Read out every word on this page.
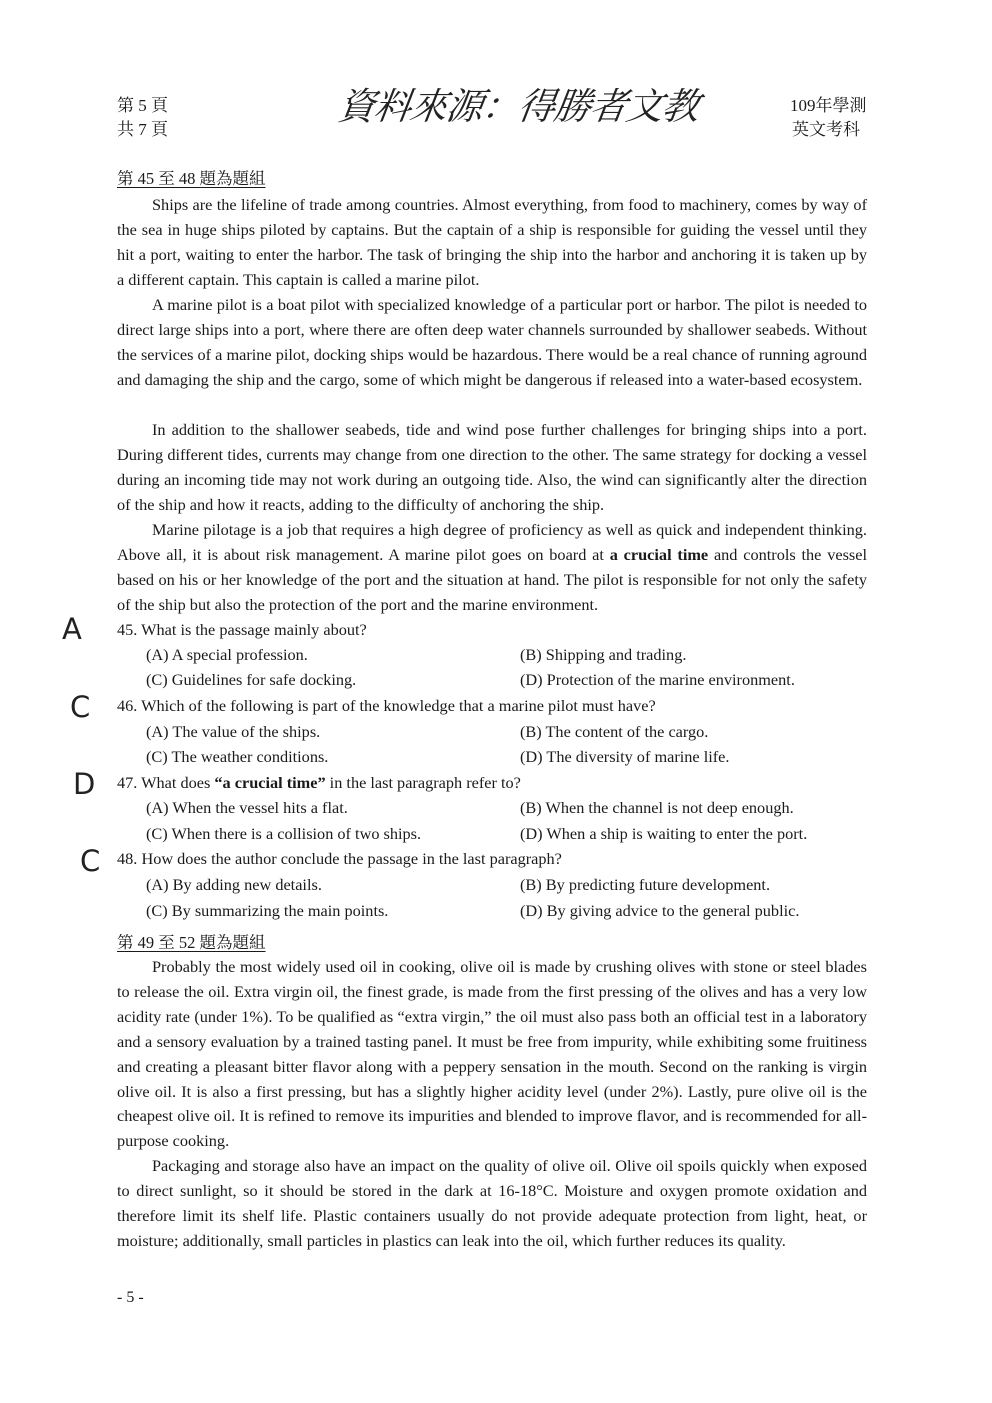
第 5 頁
共 7 頁
資料來源：得勝者文教	109年學測
英文考科
第 45 至 48 題為題組
Ships are the lifeline of trade among countries. Almost everything, from food to machinery, comes by way of the sea in huge ships piloted by captains. But the captain of a ship is responsible for guiding the vessel until they hit a port, waiting to enter the harbor. The task of bringing the ship into the harbor and anchoring it is taken up by a different captain. This captain is called a marine pilot.
A marine pilot is a boat pilot with specialized knowledge of a particular port or harbor. The pilot is needed to direct large ships into a port, where there are often deep water channels surrounded by shallower seabeds. Without the services of a marine pilot, docking ships would be hazardous. There would be a real chance of running aground and damaging the ship and the cargo, some of which might be dangerous if released into a water-based ecosystem.
In addition to the shallower seabeds, tide and wind pose further challenges for bringing ships into a port. During different tides, currents may change from one direction to the other. The same strategy for docking a vessel during an incoming tide may not work during an outgoing tide. Also, the wind can significantly alter the direction of the ship and how it reacts, adding to the difficulty of anchoring the ship.
Marine pilotage is a job that requires a high degree of proficiency as well as quick and independent thinking. Above all, it is about risk management. A marine pilot goes on board at a crucial time and controls the vessel based on his or her knowledge of the port and the situation at hand. The pilot is responsible for not only the safety of the ship but also the protection of the port and the marine environment.
A 45. What is the passage mainly about?
(A) A special profession.	(B) Shipping and trading.
(C) Guidelines for safe docking.	(D) Protection of the marine environment.
C 46. Which of the following is part of the knowledge that a marine pilot must have?
(A) The value of the ships.	(B) The content of the cargo.
(C) The weather conditions.	(D) The diversity of marine life.
D 47. What does “a crucial time” in the last paragraph refer to?
(A) When the vessel hits a flat.	(B) When the channel is not deep enough.
(C) When there is a collision of two ships.	(D) When a ship is waiting to enter the port.
C 48. How does the author conclude the passage in the last paragraph?
(A) By adding new details.	(B) By predicting future development.
(C) By summarizing the main points.	(D) By giving advice to the general public.
第 49 至 52 題為題組
Probably the most widely used oil in cooking, olive oil is made by crushing olives with stone or steel blades to release the oil. Extra virgin oil, the finest grade, is made from the first pressing of the olives and has a very low acidity rate (under 1%). To be qualified as “extra virgin,” the oil must also pass both an official test in a laboratory and a sensory evaluation by a trained tasting panel. It must be free from impurity, while exhibiting some fruitiness and creating a pleasant bitter flavor along with a peppery sensation in the mouth. Second on the ranking is virgin olive oil. It is also a first pressing, but has a slightly higher acidity level (under 2%). Lastly, pure olive oil is the cheapest olive oil. It is refined to remove its impurities and blended to improve flavor, and is recommended for all-purpose cooking.
Packaging and storage also have an impact on the quality of olive oil. Olive oil spoils quickly when exposed to direct sunlight, so it should be stored in the dark at 16-18°C. Moisture and oxygen promote oxidation and therefore limit its shelf life. Plastic containers usually do not provide adequate protection from light, heat, or moisture; additionally, small particles in plastics can leak into the oil, which further reduces its quality.
- 5 -
